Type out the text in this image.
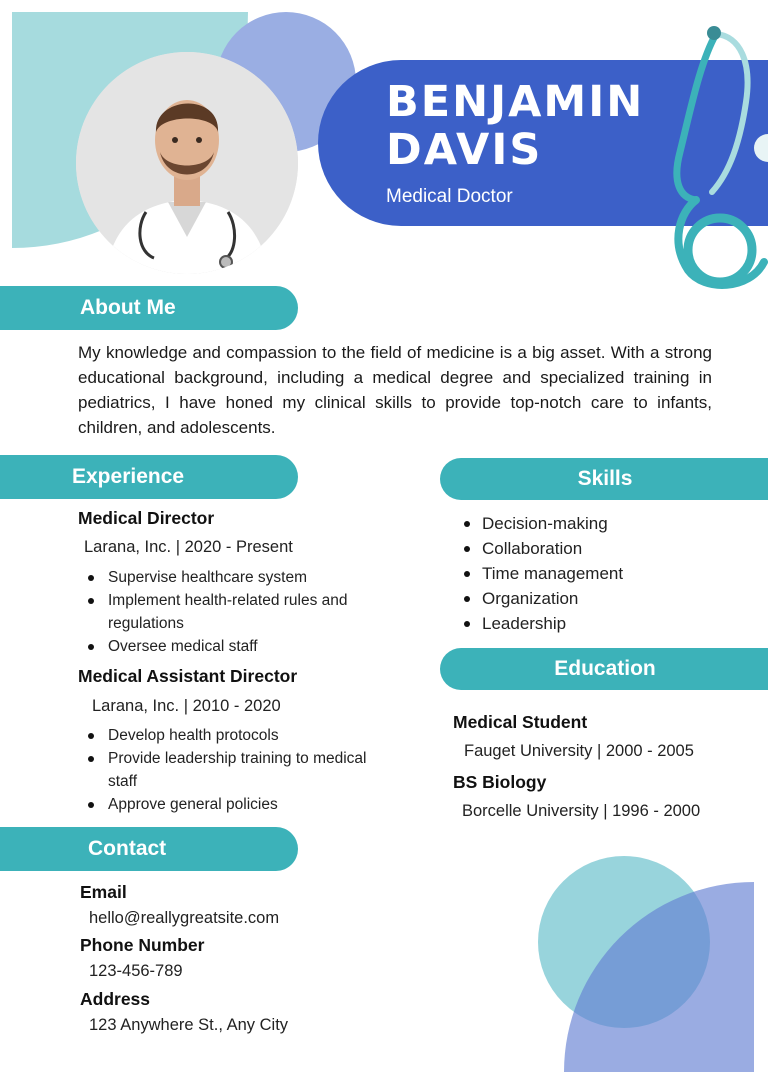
BENJAMIN
DAVIS
Medical Doctor
About Me
My knowledge and compassion to the field of medicine is a big asset. With a strong educational background, including a medical degree and specialized training in pediatrics, I have honed my clinical skills to provide top-notch care to infants, children, and adolescents.
Experience
Medical Director
Larana, Inc. | 2020 - Present
Supervise healthcare system
Implement health-related rules and regulations
Oversee medical staff
Medical Assistant Director
Larana, Inc. | 2010 - 2020
Develop health protocols
Provide leadership training to medical staff
Approve general policies
Skills
Decision-making
Collaboration
Time management
Organization
Leadership
Education
Medical Student
Fauget University | 2000 - 2005
BS Biology
Borcelle University | 1996 - 2000
Contact
Email
hello@reallygreatsite.com
Phone Number
123-456-789
Address
123 Anywhere St., Any City
